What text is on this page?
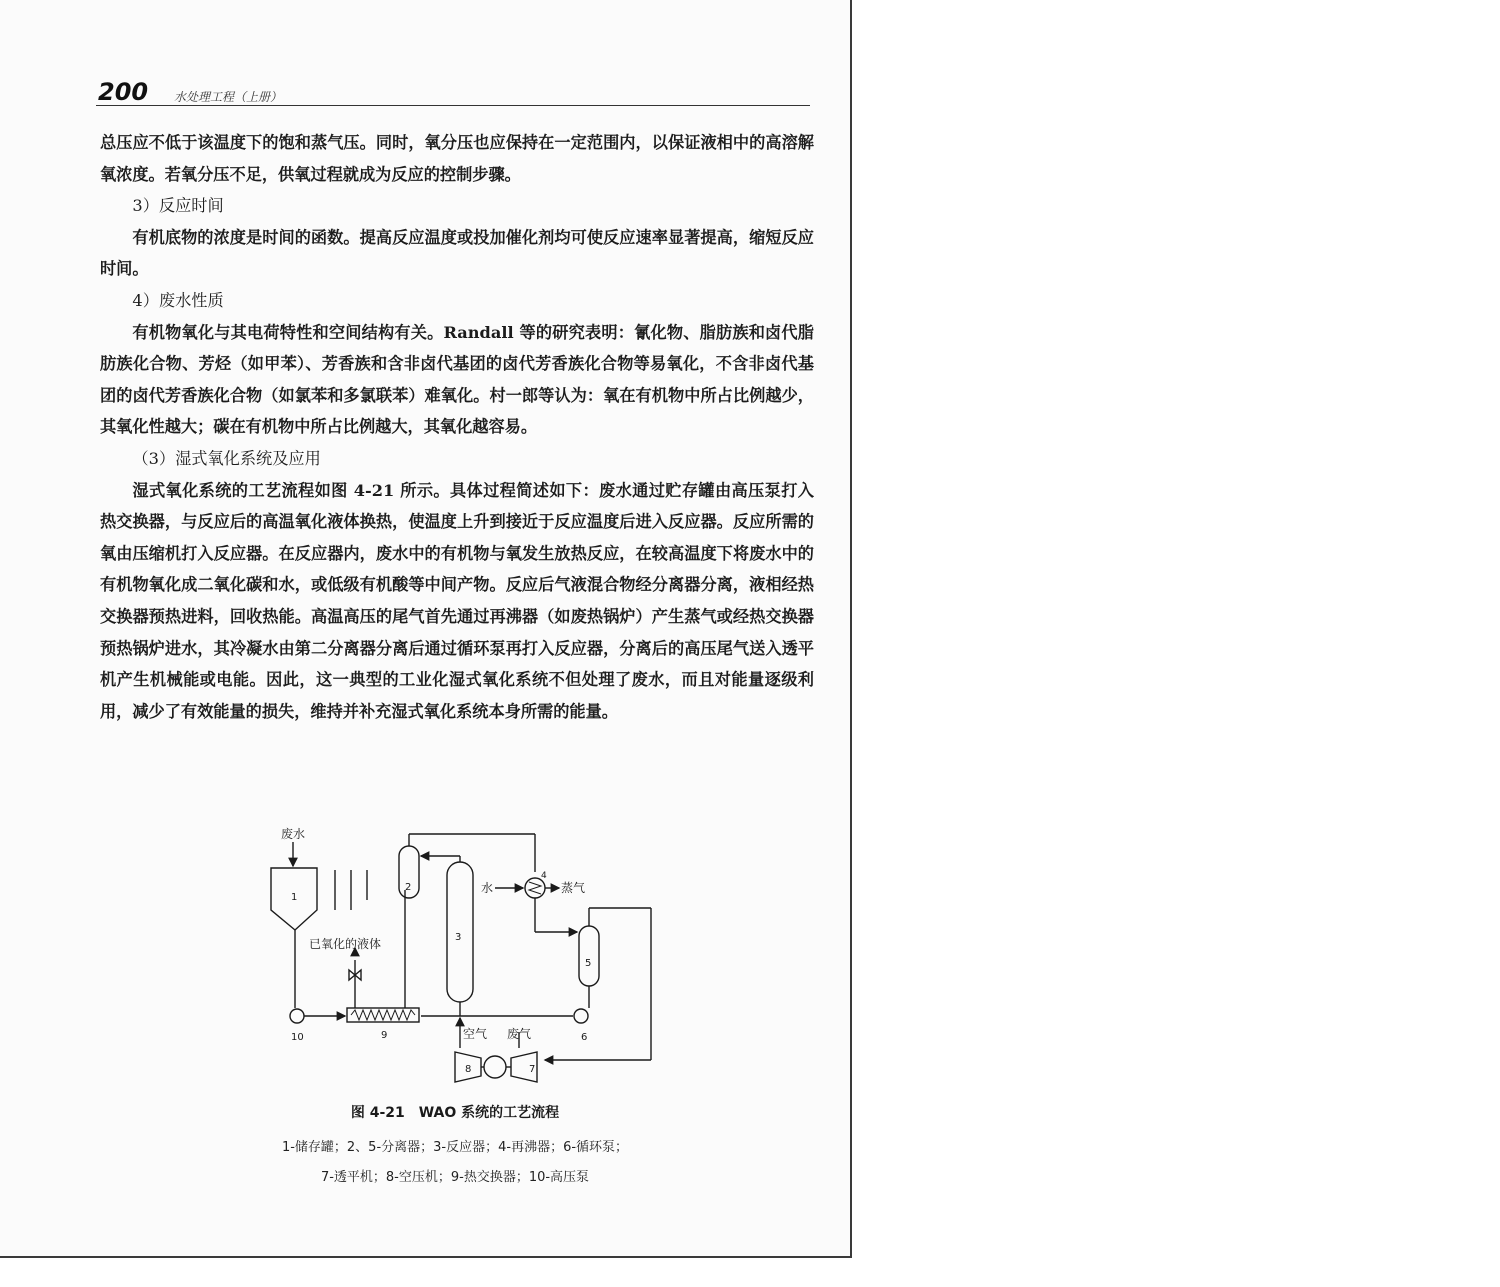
200 水处理工程（上册）

总压应不低于该温度下的饱和蒸气压。同时，氧分压也应保持在一定范围内，以保证液相中的高溶解氧浓度。若氧分压不足，供氧过程就成为反应的控制步骤。

3）反应时间

有机底物的浓度是时间的函数。提高反应温度或投加催化剂均可使反应速率显著提高，缩短反应时间。

4）废水性质

有机物氧化与其电荷特性和空间结构有关。Randall 等的研究表明：氰化物、脂肪族和卤代脂肪族化合物、芳烃（如甲苯）、芳香族和含非卤代基团的卤代芳香族化合物等易氧化，不含非卤代基团的卤代芳香族化合物（如氯苯和多氯联苯）难氧化。村一郎等认为：氧在有机物中所占比例越少，其氧化性越大；碳在有机物中所占比例越大，其氧化越容易。

（3）湿式氧化系统及应用

湿式氧化系统的工艺流程如图 4-21 所示。具体过程简述如下：废水通过贮存罐由高压泵打入热交换器，与反应后的高温氧化液体换热，使温度上升到接近于反应温度后进入反应器。反应所需的氧由压缩机打入反应器。在反应器内，废水中的有机物与氧发生放热反应，在较高温度下将废水中的有机物氧化成二氧化碳和水，或低级有机酸等中间产物。反应后气液混合物经分离器分离，液相经热交换器预热进料，回收热能。高温高压的尾气首先通过再沸器（如废热锅炉）产生蒸气或经热交换器预热锅炉进水，其冷凝水由第二分离器分离后通过循环泵再打入反应器，分离后的高压尾气送入透平机产生机械能或电能。因此，这一典型的工业化湿式氧化系统不但处理了废水，而且对能量逐级利用，减少了有效能量的损失，维持并补充湿式氧化系统本身所需的能量。

废水
1
2
3
4
5
6
7
8
9
10
已氧化的液体
水	蒸气
空气 废气
图 4-21　WAO 系统的工艺流程
1-储存罐；2、5-分离器；3-反应器；4-再沸器；6-循环泵；
7-透平机；8-空压机；9-热交换器；10-高压泵
